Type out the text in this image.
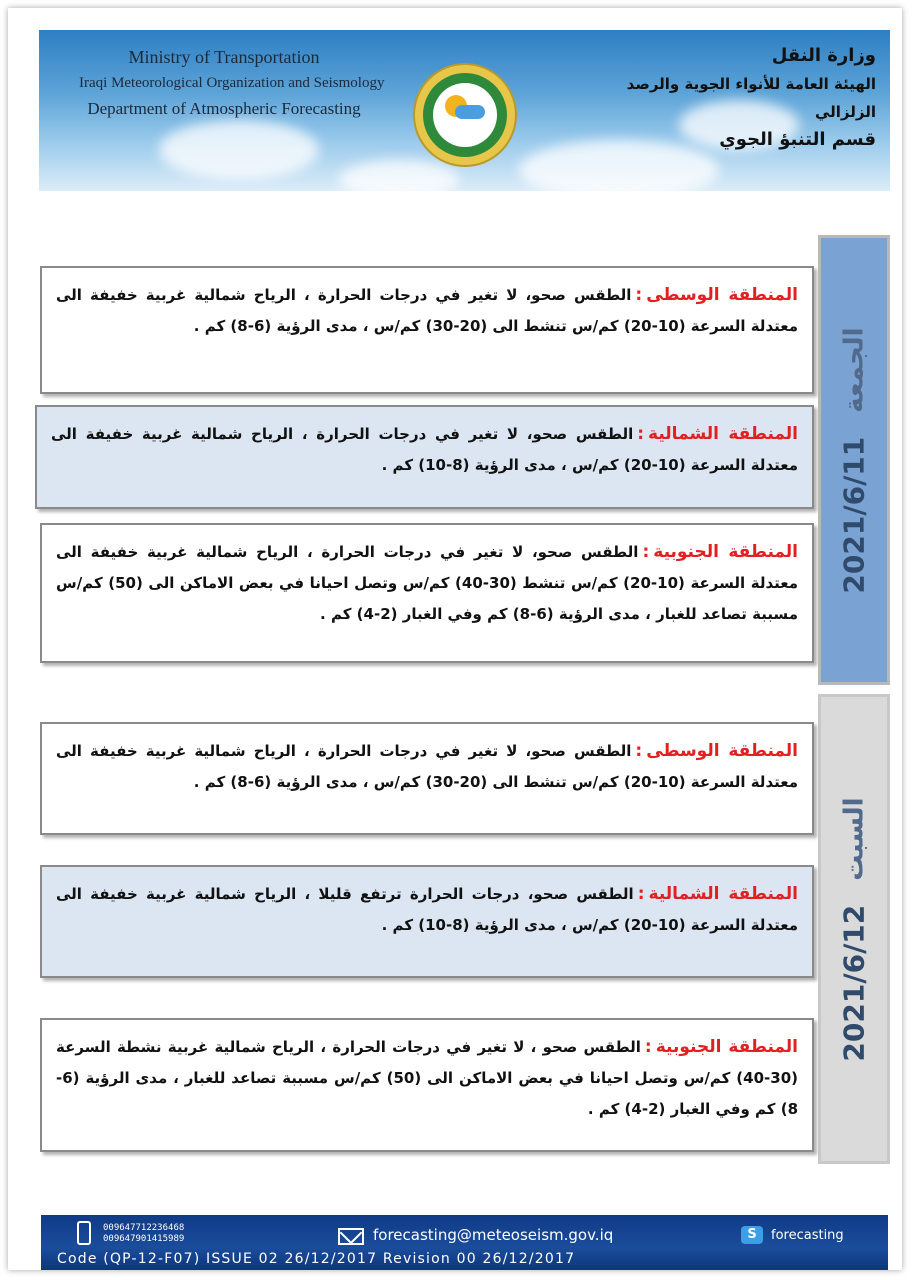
Ministry of Transportation
Iraqi Meteorological Organization and Seismology
Department of Atmospheric Forecasting
وزارة النقل
الهيئة العامة للأنواء الجوية والرصد الزلزالي
قسم التنبؤ الجوي
المنطقة الوسطى:الطقس صحو، لا تغير في درجات الحرارة ، الرياح شمالية غربية خفيفة الى معتدلة السرعة (10-20) كم/س تنشط الى (20-30) كم/س ، مدى الرؤية (6-8) كم .
المنطقة الشمالية:الطقس صحو، لا تغير في درجات الحرارة ، الرياح شمالية غربية خفيفة الى معتدلة السرعة (10-20) كم/س ، مدى الرؤية (8-10) كم .
المنطقة الجنوبية:الطقس صحو، لا تغير في درجات الحرارة ، الرياح شمالية غربية خفيفة الى معتدلة السرعة (10-20) كم/س تنشط (30-40) كم/س وتصل احيانا في بعض الاماكن الى (50) كم/س مسببة تصاعد للغبار ، مدى الرؤية (6-8) كم وفي الغبار (2-4) كم .
الجمعة
2021/6/11
المنطقة الوسطى:الطقس صحو، لا تغير في درجات الحرارة ، الرياح شمالية غربية خفيفة الى معتدلة السرعة (10-20) كم/س تنشط الى (20-30) كم/س ، مدى الرؤية (6-8) كم .
المنطقة الشمالية:الطقس صحو، درجات الحرارة ترتفع قليلا ، الرياح شمالية غربية خفيفة الى معتدلة السرعة (10-20) كم/س ، مدى الرؤية (8-10) كم .
المنطقة الجنوبية:الطقس صحو ، لا تغير في درجات الحرارة ، الرياح شمالية غربية نشطة السرعة (30-40) كم/س وتصل احيانا في بعض الاماكن الى (50) كم/س مسببة تصاعد للغبار ، مدى الرؤية (6-8) كم وفي الغبار (2-4) كم .
السبت
2021/6/12
009647712236468
009647901415989	forecasting@meteoseism.gov.iq	S	forecasting
Code (QP-12-F07) ISSUE 02 26/12/2017 Revision 00 26/12/2017
